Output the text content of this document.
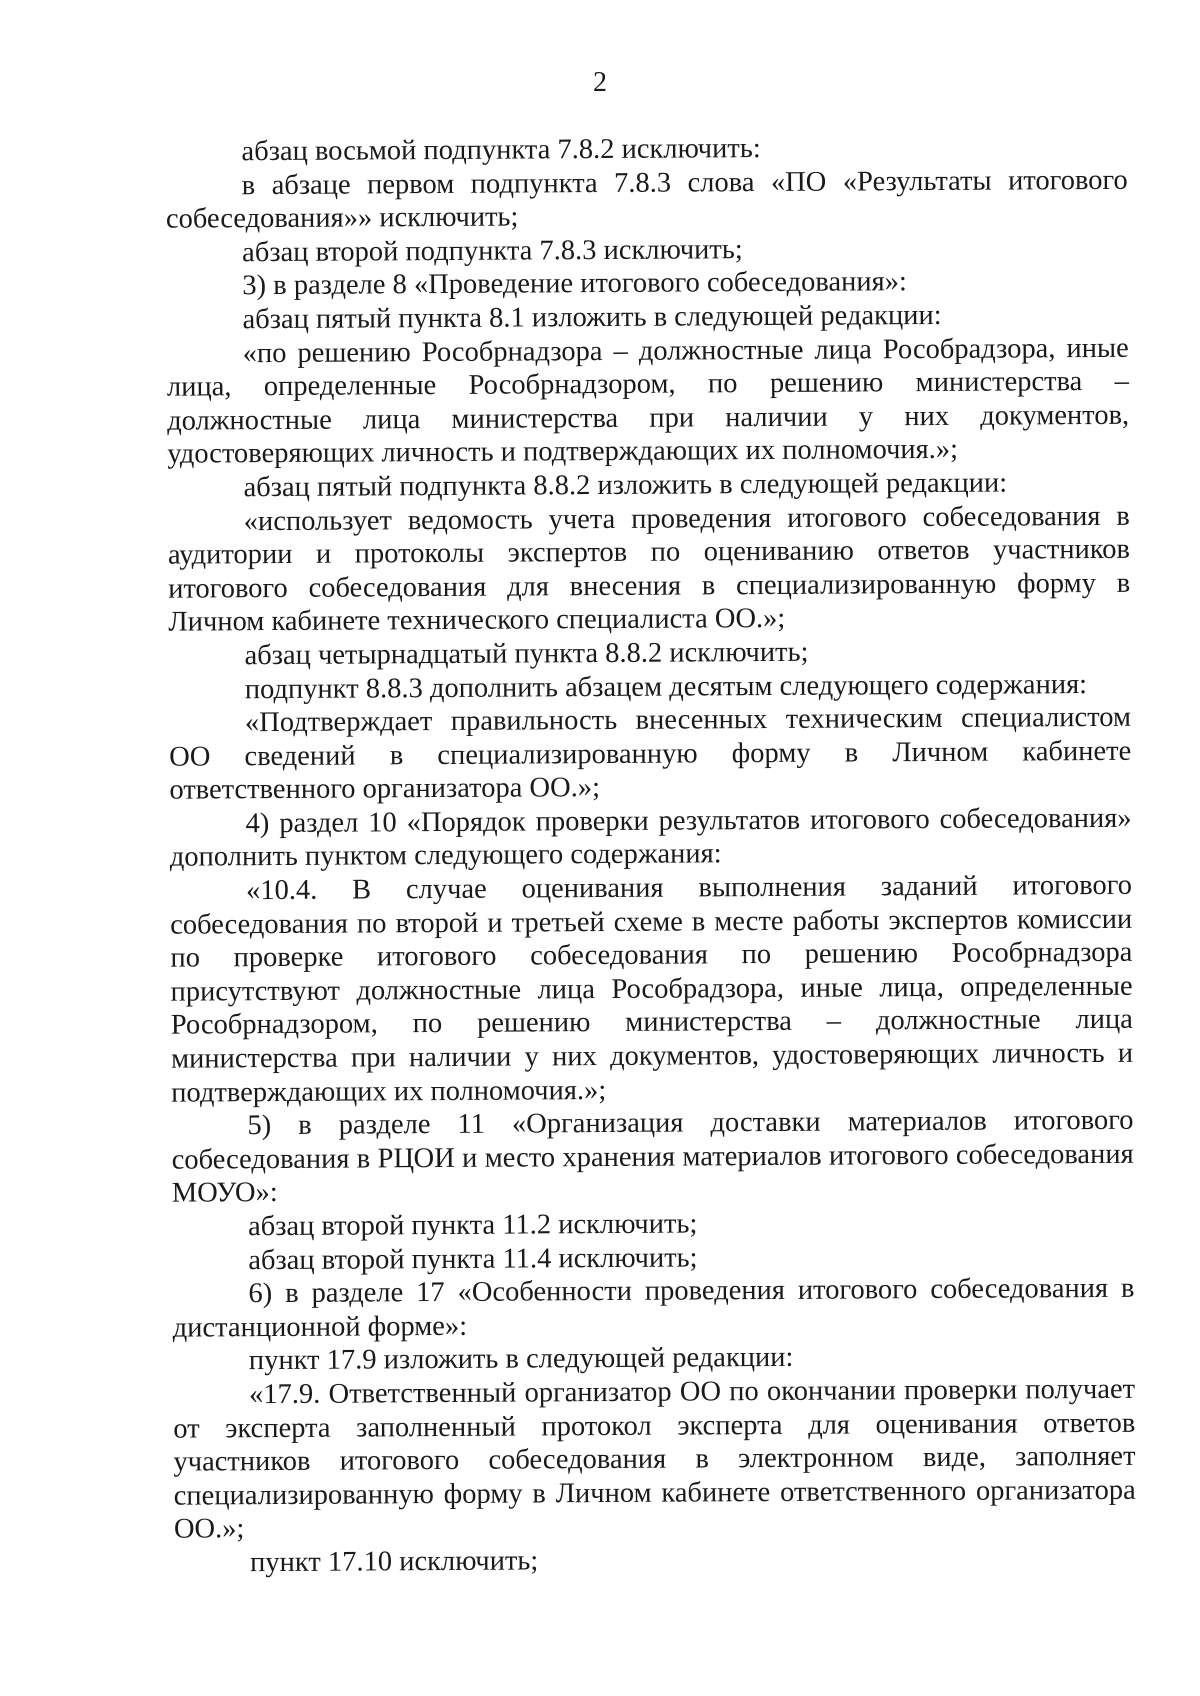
2

абзац восьмой подпункта 7.8.2 исключить:

в абзаце первом подпункта 7.8.3 слова «ПО «Результаты итогового собеседования»» исключить;

абзац второй подпункта 7.8.3 исключить;

3) в разделе 8 «Проведение итогового собеседования»:

абзац пятый пункта 8.1 изложить в следующей редакции:

«по решению Рособрнадзора – должностные лица Рособрадзора, иные лица, определенные Рособрнадзором, по решению министерства – должностные лица министерства при наличии у них документов, удостоверяющих личность и подтверждающих их полномочия.»;

абзац пятый подпункта 8.8.2 изложить в следующей редакции:

«использует ведомость учета проведения итогового собеседования в аудитории и протоколы экспертов по оцениванию ответов участников итогового собеседования для внесения в специализированную форму в Личном кабинете технического специалиста ОО.»;

абзац четырнадцатый пункта 8.8.2 исключить;

подпункт 8.8.3 дополнить абзацем десятым следующего содержания:

«Подтверждает правильность внесенных техническим специалистом ОО сведений в специализированную форму в Личном кабинете ответственного организатора ОО.»;

4) раздел 10 «Порядок проверки результатов итогового собеседования» дополнить пунктом следующего содержания:

«10.4. В случае оценивания выполнения заданий итогового собеседования по второй и третьей схеме в месте работы экспертов комиссии по проверке итогового собеседования по решению Рособрнадзора присутствуют должностные лица Рособрадзора, иные лица, определенные Рособрнадзором, по решению министерства – должностные лица министерства при наличии у них документов, удостоверяющих личность и подтверждающих их полномочия.»;

5) в разделе 11 «Организация доставки материалов итогового собеседования в РЦОИ и место хранения материалов итогового собеседования МОУО»:

абзац второй пункта 11.2 исключить;

абзац второй пункта 11.4 исключить;

6) в разделе 17 «Особенности проведения итогового собеседования в дистанционной форме»:

пункт 17.9 изложить в следующей редакции:

«17.9. Ответственный организатор ОО по окончании проверки получает от эксперта заполненный протокол эксперта для оценивания ответов участников итогового собеседования в электронном виде, заполняет специализированную форму в Личном кабинете ответственного организатора ОО.»;

пункт 17.10 исключить;
